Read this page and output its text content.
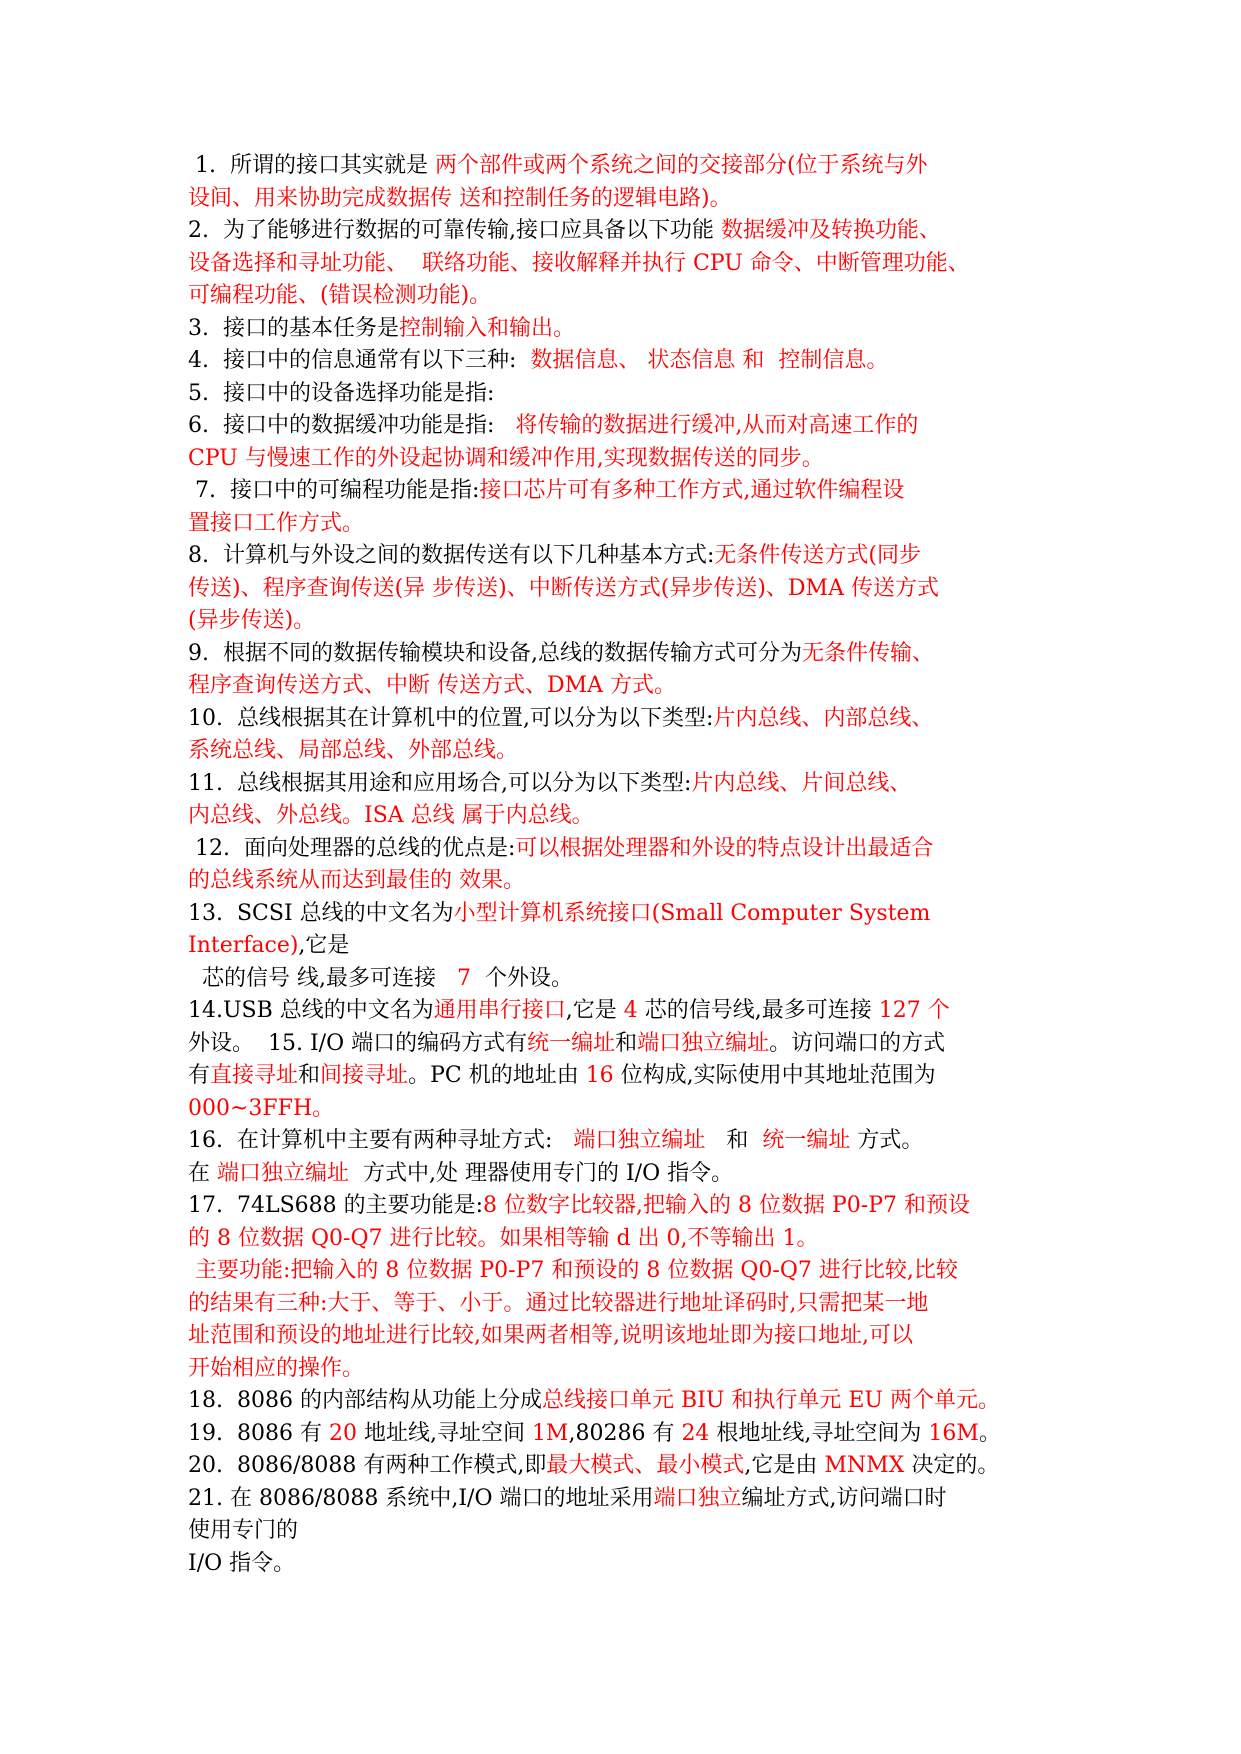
1.  所谓的接口其实就是 两个部件或两个系统之间的交接部分(位于系统与外
设间、用来协助完成数据传 送和控制任务的逻辑电路)。
2.  为了能够进行数据的可靠传输,接口应具备以下功能 数据缓冲及转换功能、
设备选择和寻址功能、  联络功能、接收解释并执行 CPU 命令、中断管理功能、
可编程功能、(错误检测功能)。
3.  接口的基本任务是控制输入和输出。
4.  接口中的信息通常有以下三种:  数据信息、 状态信息 和  控制信息。
5.  接口中的设备选择功能是指:
6.  接口中的数据缓冲功能是指:   将传输的数据进行缓冲,从而对高速工作的
CPU 与慢速工作的外设起协调和缓冲作用,实现数据传送的同步。
7.  接口中的可编程功能是指:接口芯片可有多种工作方式,通过软件编程设
置接口工作方式。
8.  计算机与外设之间的数据传送有以下几种基本方式:无条件传送方式(同步
传送)、程序查询传送(异 步传送)、中断传送方式(异步传送)、DMA 传送方式
(异步传送)。
9.  根据不同的数据传输模块和设备,总线的数据传输方式可分为无条件传输、
程序查询传送方式、中断 传送方式、DMA 方式。
10.  总线根据其在计算机中的位置,可以分为以下类型:片内总线、内部总线、
系统总线、局部总线、外部总线。
11.  总线根据其用途和应用场合,可以分为以下类型:片内总线、片间总线、
内总线、外总线。ISA 总线 属于内总线。
12.  面向处理器的总线的优点是:可以根据处理器和外设的特点设计出最适合
的总线系统从而达到最佳的 效果。
13.  SCSI 总线的中文名为小型计算机系统接口(Small Computer System
Interface),它是
芯的信号 线,最多可连接   7  个外设。
14.USB 总线的中文名为通用串行接口,它是 4 芯的信号线,最多可连接 127 个
外设。  15. I/O 端口的编码方式有统一编址和端口独立编址。访问端口的方式
有直接寻址和间接寻址。PC 机的地址由 16 位构成,实际使用中其地址范围为
000~3FFH。
16.  在计算机中主要有两种寻址方式:   端口独立编址   和  统一编址 方式。
在 端口独立编址  方式中,处 理器使用专门的 I/O 指令。
17.  74LS688 的主要功能是:8 位数字比较器,把输入的 8 位数据 P0-P7 和预设
的 8 位数据 Q0-Q7 进行比较。如果相等输 d 出 0,不等输出 1。
主要功能:把输入的 8 位数据 P0-P7 和预设的 8 位数据 Q0-Q7 进行比较,比较
的结果有三种:大于、等于、小于。通过比较器进行地址译码时,只需把某一地
址范围和预设的地址进行比较,如果两者相等,说明该地址即为接口地址,可以
开始相应的操作。
18.  8086 的内部结构从功能上分成总线接口单元 BIU 和执行单元 EU 两个单元。
19.  8086 有 20 地址线,寻址空间 1M,80286 有 24 根地址线,寻址空间为 16M。
20.  8086/8088 有两种工作模式,即最大模式、最小模式,它是由 MNMX 决定的。
21. 在 8086/8088 系统中,I/O 端口的地址采用端口独立编址方式,访问端口时
使用专门的
I/O 指令。
